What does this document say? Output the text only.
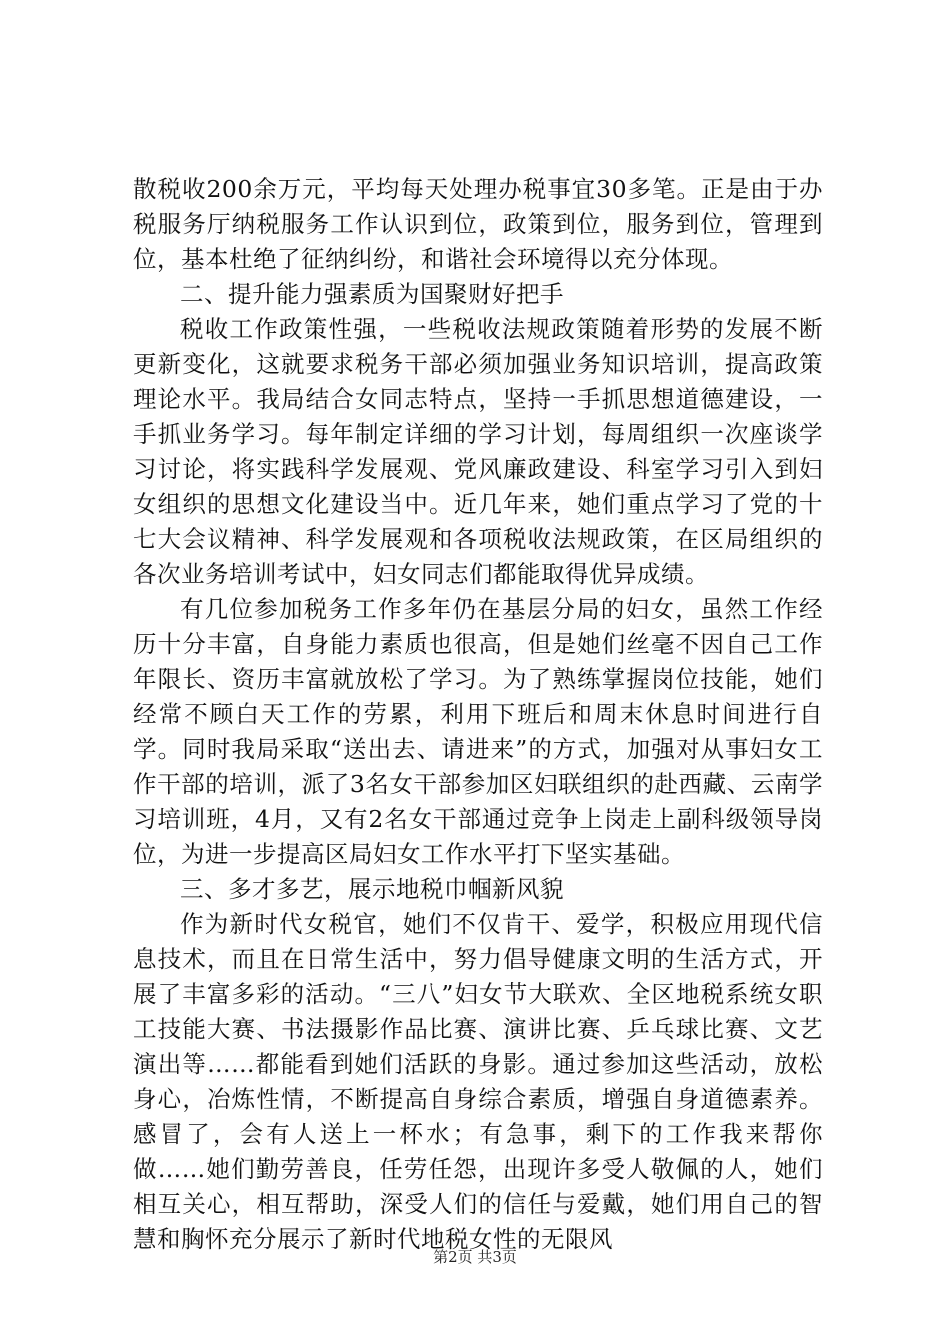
散税收200余万元，平均每天处理办税事宜30多笔。正是由于办税服务厅纳税服务工作认识到位，政策到位，服务到位，管理到位，基本杜绝了征纳纠纷，和谐社会环境得以充分体现。

二、提升能力强素质为国聚财好把手

税收工作政策性强，一些税收法规政策随着形势的发展不断更新变化，这就要求税务干部必须加强业务知识培训，提高政策理论水平。我局结合女同志特点，坚持一手抓思想道德建设，一手抓业务学习。每年制定详细的学习计划，每周组织一次座谈学习讨论，将实践科学发展观、党风廉政建设、科室学习引入到妇女组织的思想文化建设当中。近几年来，她们重点学习了党的十七大会议精神、科学发展观和各项税收法规政策，在区局组织的各次业务培训考试中，妇女同志们都能取得优异成绩。

有几位参加税务工作多年仍在基层分局的妇女，虽然工作经历十分丰富，自身能力素质也很高，但是她们丝毫不因自己工作年限长、资历丰富就放松了学习。为了熟练掌握岗位技能，她们经常不顾白天工作的劳累，利用下班后和周末休息时间进行自学。同时我局采取“送出去、请进来”的方式，加强对从事妇女工作干部的培训，派了3名女干部参加区妇联组织的赴西藏、云南学习培训班，4月，又有2名女干部通过竞争上岗走上副科级领导岗位，为进一步提高区局妇女工作水平打下坚实基础。

三、多才多艺，展示地税巾帼新风貌

作为新时代女税官，她们不仅肯干、爱学，积极应用现代信息技术，而且在日常生活中，努力倡导健康文明的生活方式，开展了丰富多彩的活动。“三八”妇女节大联欢、全区地税系统女职工技能大赛、书法摄影作品比赛、演讲比赛、乒乓球比赛、文艺演出等……都能看到她们活跃的身影。通过参加这些活动，放松身心，冶炼性情，不断提高自身综合素质，增强自身道德素养。感冒了，会有人送上一杯水；有急事，剩下的工作我来帮你做……她们勤劳善良，任劳任怨，出现许多受人敬佩的人，她们相互关心，相互帮助，深受人们的信任与爱戴，她们用自己的智慧和胸怀充分展示了新时代地税女性的无限风

第2页 共3页
